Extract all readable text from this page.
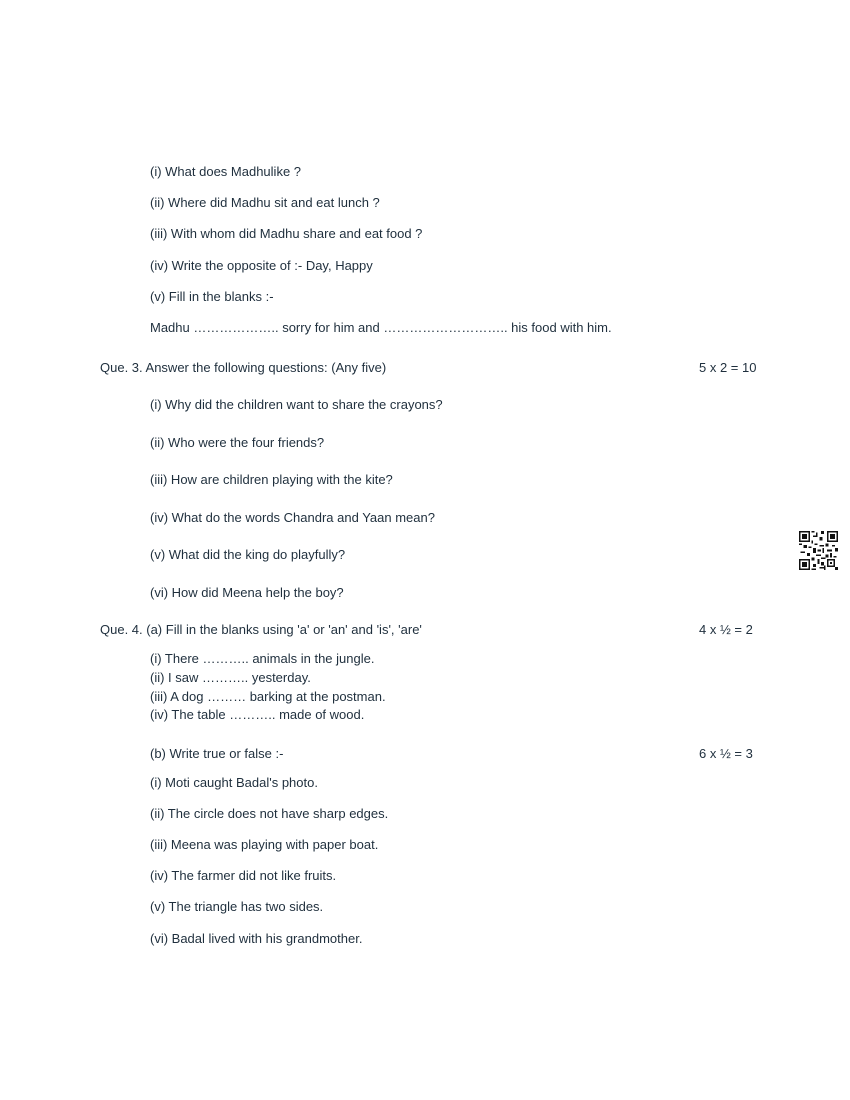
(i) What does Madhulike ?
(ii) Where did Madhu sit and eat lunch ?
(iii) With whom did Madhu share and eat food ?
(iv) Write the opposite of :- Day, Happy
(v) Fill in the blanks :-
Madhu ……………….. sorry for him and ……………………….. his food with him.
Que. 3. Answer the following questions: (Any five)	5 x 2 = 10
(i) Why did the children want to share the crayons?
(ii) Who were the four friends?
(iii) How are children playing with the kite?
(iv) What do the words Chandra and Yaan mean?
(v) What did the king do playfully?
(vi) How did Meena help the boy?
Que. 4. (a) Fill in the blanks using 'a' or 'an' and 'is', 'are'	4 x ½ = 2
(i) There ……….. animals in the jungle.
(ii) I saw ……….. yesterday.
(iii) A dog ……… barking at the postman.
(iv) The table ……….. made of wood.
(b) Write true or false :-	6 x ½ = 3
(i) Moti caught Badal's photo.
(ii) The circle does not have sharp edges.
(iii) Meena was playing with paper boat.
(iv) The farmer did not like fruits.
(v) The triangle has two sides.
(vi) Badal lived with his grandmother.
